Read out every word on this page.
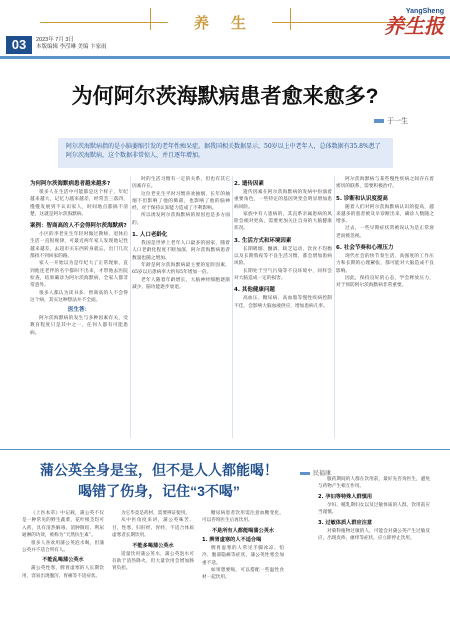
03	2023年 7月 3日
本版编辑 李滢琳 美编 卞家雨
养生
YangSheng
养生报
为何阿尔茨海默病患者愈来愈多?
于一生
阿尔茨海默病指的是小脑萎缩引发的老年性痴呆症。据我国相关数据显示，50岁以上中老年人，总体数据有35.8%患了阿尔茨海默病，这个数据非常惊人，并且逐年增加。

为何阿尔茨海默病患者越来越多?

很多人在生活中可能都是这个样子，年纪越来越大，记忆力越来越差，经常丢三落四，慢慢发展到不认识家人，时间地点都搞不清楚，这就是阿尔茨海默病。

案例：智商高的人不会得阿尔茨海默病?

小区的李老先生年轻时做过教师，退休后生活一直很规律，可最近两年家人发现他记性越来越差，去超市买东西转身就忘，出门几次都找不到回家的路。

家人一开始以为是年纪大了正常现象，直到他连老伴的名字都叫不出来，才带他去医院检查，结果确诊为阿尔茨海默病，全家人都非常意外。

很多人都认为读书多、智商高的人不会得这个病，其实这种想法并不全面。

医生答：

阿尔茨海默病的发生与多种因素有关，受教育程度只是其中之一，任何人都有可能患病。

时的生活习惯有一定的关系，但也有其它因素存在。

这位老先生平时习惯喜欢抽烟，长年的抽烟不但影响了他的肺部，也影响了他的脑神经，对于保持认知能力造成了不利影响。

所以诱发阿尔茨海默病的原因也是多方面的。

1. 人口老龄化

我国是世界上老年人口最多的国家，随着人口老龄化程度不断加深，阿尔茨海默病患者数量也随之增加。

年龄是阿尔茨海默病最主要的危险因素，65岁以后患病率大约每5年增加一倍。

老年人随着年龄增长，大脑神经细胞逐渐减少，脑功能逐步衰退。

2. 遗传因素

遗传因素在阿尔茨海默病的发病中扮演着重要角色，一些特定的基因突变会明显增加患病风险。

家族中有人患病的，其直系亲属患病的风险会相对更高，需要更加关注自身的大脑健康状况。

3. 生活方式和环境因素

长期吸烟、酗酒、缺乏运动、饮食不均衡以及长期熬夜等不良生活习惯，都会增加患病风险。

长期处于空气污染等不良环境中，同样会对大脑造成一定的损害。

4. 其他健康问题

高血压、糖尿病、高血脂等慢性疾病控制不佳，会影响大脑血液供应，增加患病几率。

阿尔茨海默病与某些慢性疾病之间存在着密切的联系，需要积极治疗。

5. 诊断和认识度提高

随着人们对阿尔茨海默病认识的提高，越来越多的患者被及早诊断出来，确诊人数随之增多。

过去，一些早期症状常被误认为是正常衰老而被忽视。

6. 社会节奏和心理压力

现代社会的快节奏生活、高强度的工作压力和长期的心理紧张，都可能对大脑造成不良影响。

因此，保持良好的心态，学会释放压力，对于预防阿尔茨海默病非常重要。

蒲公英全身是宝，但不是人人都能喝！
喝错了伤身，记住“3不喝”
民福康

《上医本草》中记载，蒲公英不仅是一种常见的野生蔬菜，花叶根茎均可入药，具有清热解毒、消肿散结、利尿通淋的功效，被称为“天然抗生素”。

很多人喜欢用蒲公英泡水喝，但蒲公英并不适合所有人。

不能乱喝蒲公英水

蒲公英性寒，脾胃虚寒的人长期饮用，容易出现腹泻、胃痛等不适症状。

为它毕竟是药材，需要辨证使用。

从中医角度来讲，蒲公英味苦、甘，性寒，归肝经、胃经，不适合体质虚寒者长期饮用。

不能多喝蒲公英水

适量饮用蒲公英水，蒲公英泡水可有助于清热降火，但大量饮用会增加肠胃负担。

糖尿病患者饮用需注意血糖变化，可以咨询医生后再饮用。

不是所有人都能喝蒲公英水

1. 脾胃虚寒的人不适合喝

脾胃虚寒的人常见手脚冰凉、怕冷、腹部隐痛等症状，蒲公英性寒会加重不适。

如果想要喝，可以搭配一些温性食材一起饮用。

服药期间的人群在饮用前，最好先咨询医生，避免与药物产生相互作用。

2. 孕妇等特殊人群慎用

孕妇、哺乳期妇女以及过敏体质的人群，饮用前应当谨慎。

3. 过敏体质人群应注意

对菊科植物过敏的人，可能会对蒲公英产生过敏反应，出现皮疹、瘙痒等症状，应立即停止饮用。
